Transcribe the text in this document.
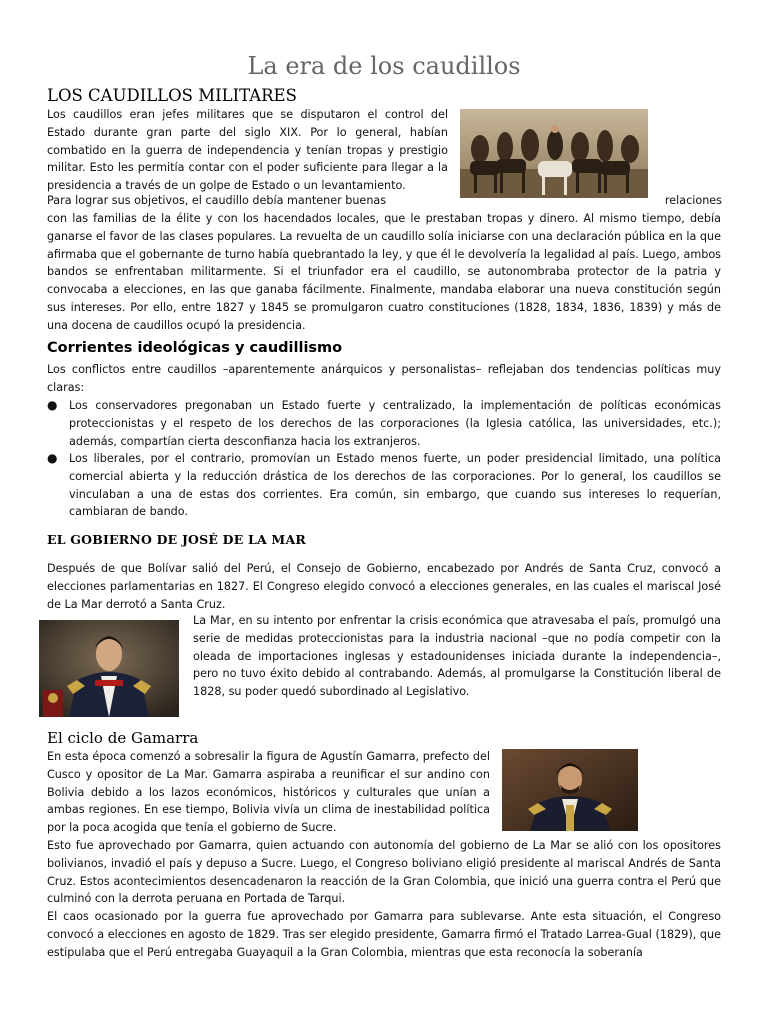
La era de los caudillos
LOS CAUDILLOS MILITARES

Los caudillos eran jefes militares que se disputaron el control del Estado durante gran parte del siglo XIX. Por lo general, habían combatido en la guerra de independencia y tenían tropas y prestigio militar. Esto les permitía contar con el poder suficiente para llegar a la presidencia a través de un golpe de Estado o un levantamiento.

Para lograr sus objetivos, el caudillo debía mantener buenas	relaciones

con las familias de la élite y con los hacendados locales, que le prestaban tropas y dinero. Al mismo tiempo, debía ganarse el favor de las clases populares. La revuelta de un caudillo solía iniciarse con una declaración pública en la que afirmaba que el gobernante de turno había quebrantado la ley, y que él le devolvería la legalidad al país. Luego, ambos bandos se enfrentaban militarmente. Si el triunfador era el caudillo, se autonombraba protector de la patria y convocaba a elecciones, en las que ganaba fácilmente. Finalmente, mandaba elaborar una nueva constitución según sus intereses. Por ello, entre 1827 y 1845 se promulgaron cuatro constituciones (1828, 1834, 1836, 1839) y más de una docena de caudillos ocupó la presidencia.

Corrientes ideológicas y caudillismo

Los conflictos entre caudillos –aparentemente anárquicos y personalistas– reflejaban dos tendencias políticas muy claras:

● Los conservadores pregonaban un Estado fuerte y centralizado, la implementación de políticas económicas proteccionistas y el respeto de los derechos de las corporaciones (la Iglesia católica, las universidades, etc.); además, compartían cierta desconfianza hacia los extranjeros.

● Los liberales, por el contrario, promovían un Estado menos fuerte, un poder presidencial limitado, una política comercial abierta y la reducción drástica de los derechos de las corporaciones. Por lo general, los caudillos se vinculaban a una de estas dos corrientes. Era común, sin embargo, que cuando sus intereses lo requerían, cambiaran de bando.

EL GOBIERNO DE JOSÉ DE LA MAR

Después de que Bolívar salió del Perú, el Consejo de Gobierno, encabezado por Andrés de Santa Cruz, convocó a elecciones parlamentarias en 1827. El Congreso elegido convocó a elecciones generales, en las cuales el mariscal José de La Mar derrotó a Santa Cruz.

La Mar, en su intento por enfrentar la crisis económica que atravesaba el país, promulgó una serie de medidas proteccionistas para la industria nacional –que no podía competir con la oleada de importaciones inglesas y estadounidenses iniciada durante la independencia–, pero no tuvo éxito debido al contrabando. Además, al promulgarse la Constitución liberal de 1828, su poder quedó subordinado al Legislativo.

El ciclo de Gamarra

En esta época comenzó a sobresalir la figura de Agustín Gamarra, prefecto del Cusco y opositor de La Mar. Gamarra aspiraba a reunificar el sur andino con Bolivia debido a los lazos económicos, históricos y culturales que unían a ambas regiones. En ese tiempo, Bolivia vivía un clima de inestabilidad política por la poca acogida que tenía el gobierno de Sucre.

Esto fue aprovechado por Gamarra, quien actuando con autonomía del gobierno de La Mar se alió con los opositores bolivianos, invadió el país y depuso a Sucre. Luego, el Congreso boliviano eligió presidente al mariscal Andrés de Santa Cruz. Estos acontecimientos desencadenaron la reacción de la Gran Colombia, que inició una guerra contra el Perú que culminó con la derrota peruana en Portada de Tarqui.

El caos ocasionado por la guerra fue aprovechado por Gamarra para sublevarse. Ante esta situación, el Congreso convocó a elecciones en agosto de 1829. Tras ser elegido presidente, Gamarra firmó el Tratado Larrea-Gual (1829), que estipulaba que el Perú entregaba Guayaquil a la Gran Colombia, mientras que esta reconocía la soberanía
